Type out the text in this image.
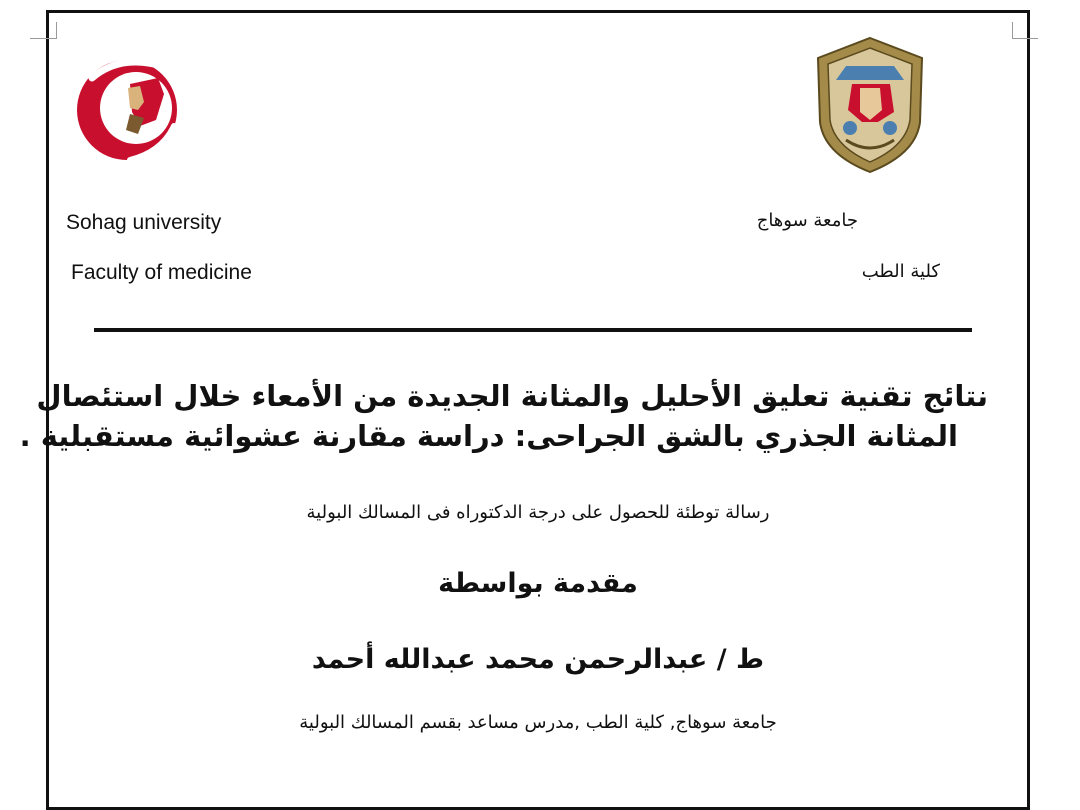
Sohag university
Faculty of medicine
جامعة سوهاج
كلية الطب
نتائج تقنية تعليق الأحليل والمثانة الجديدة من الأمعاء خلال استئصال
المثانة الجذري بالشق الجراحى: دراسة مقارنة عشوائية مستقبلية .
رسالة توطئة للحصول على درجة الدكتوراه فى المسالك البولية
مقدمة بواسطة
ط / عبدالرحمن محمد عبدالله أحمد
جامعة سوهاج, كلية الطب ,مدرس مساعد بقسم المسالك البولية
